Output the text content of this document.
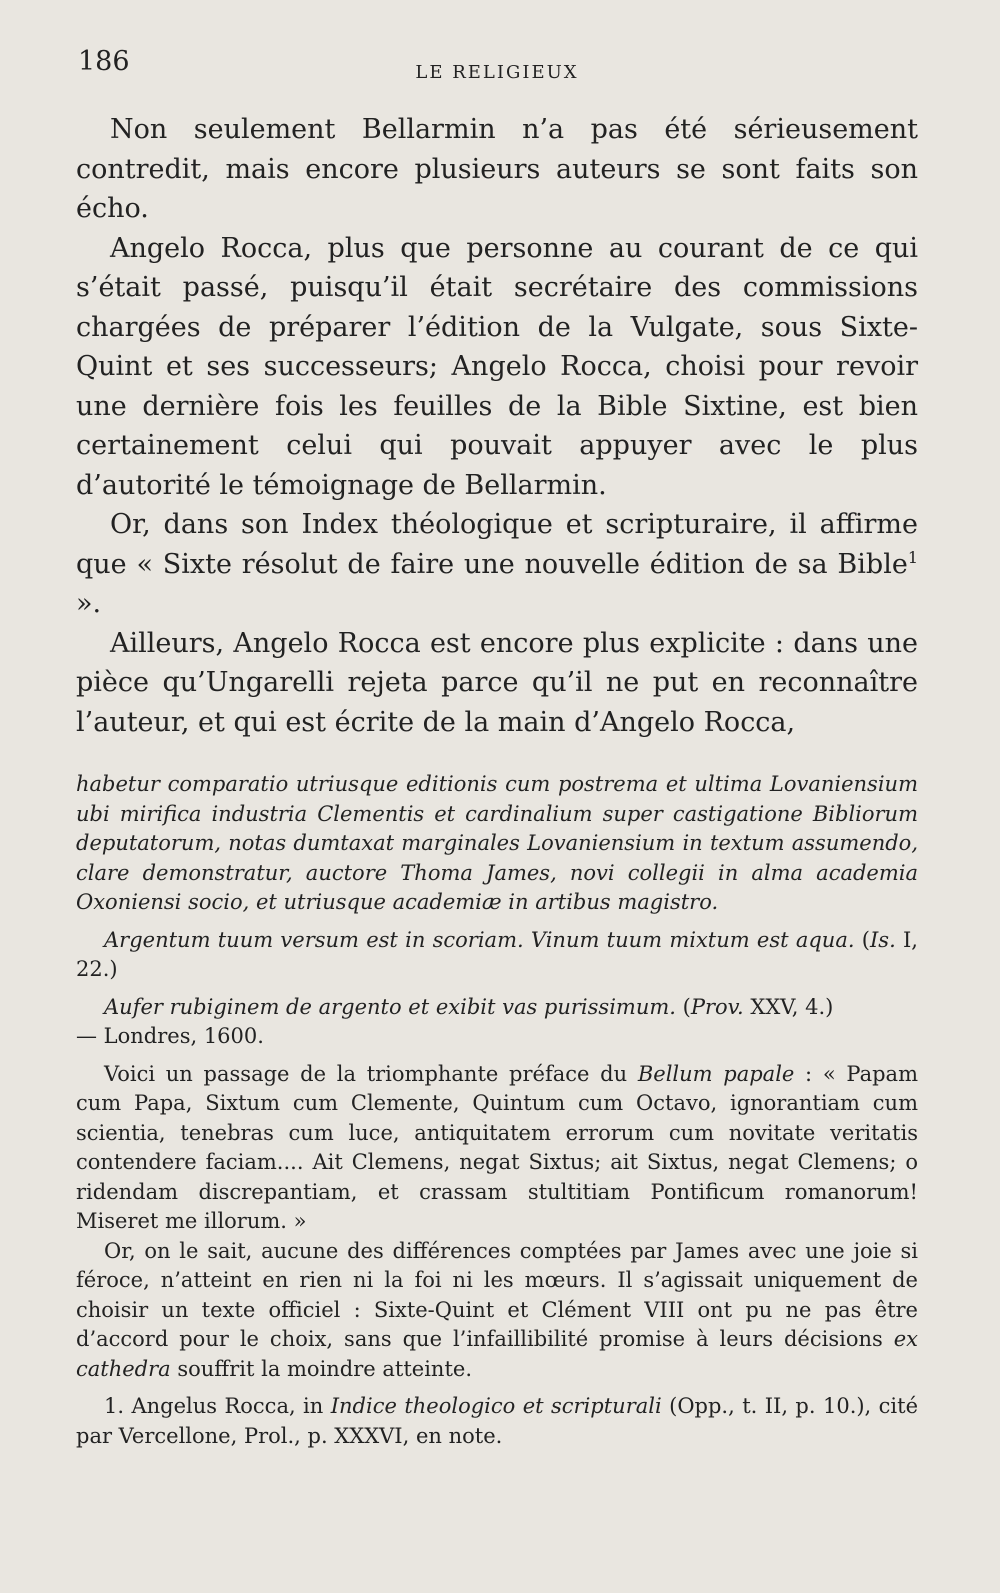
186	LE RELIGIEUX

Non seulement Bellarmin n’a pas été sérieusement contredit, mais encore plusieurs auteurs se sont faits son écho.

Angelo Rocca, plus que personne au courant de ce qui s’était passé, puisqu’il était secrétaire des commissions chargées de préparer l’édition de la Vulgate, sous Sixte-Quint et ses successeurs; Angelo Rocca, choisi pour revoir une dernière fois les feuilles de la Bible Sixtine, est bien certainement celui qui pouvait appuyer avec le plus d’autorité le témoignage de Bellarmin.

Or, dans son Index théologique et scripturaire, il affirme que « Sixte résolut de faire une nouvelle édition de sa Bible$^1$ ».

Ailleurs, Angelo Rocca est encore plus explicite : dans une pièce qu’Ungarelli rejeta parce qu’il ne put en reconnaître l’auteur, et qui est écrite de la main d’Angelo Rocca,

habetur comparatio utriusque editionis cum postrema et ultima Lovaniensium ubi mirifica industria Clementis et cardinalium super castigatione Bibliorum deputatorum, notas dumtaxat marginales Lovaniensium in textum assumendo, clare demonstratur, auctore Thoma James, novi collegii in alma academia Oxoniensi socio, et utriusque academiæ in artibus magistro.

Argentum tuum versum est in scoriam. Vinum tuum mixtum est aqua. (Is. I, 22.)

Aufer rubiginem de argento et exibit vas purissimum. (Prov. XXV, 4.)
— Londres, 1600.

Voici un passage de la triomphante préface du Bellum papale : « Papam cum Papa, Sixtum cum Clemente, Quintum cum Octavo, ignorantiam cum scientia, tenebras cum luce, antiquitatem errorum cum novitate veritatis contendere faciam.... Ait Clemens, negat Sixtus; ait Sixtus, negat Clemens; o ridendam discrepantiam, et crassam stultitiam Pontificum romanorum! Miseret me illorum. »

Or, on le sait, aucune des différences comptées par James avec une joie si féroce, n’atteint en rien ni la foi ni les mœurs. Il s’agissait uniquement de choisir un texte officiel : Sixte-Quint et Clément VIII ont pu ne pas être d’accord pour le choix, sans que l’infaillibilité promise à leurs décisions ex cathedra souffrit la moindre atteinte.

1. Angelus Rocca, in Indice theologico et scripturali (Opp., t. II, p. 10.), cité par Vercellone, Prol., p. XXXVI, en note.
